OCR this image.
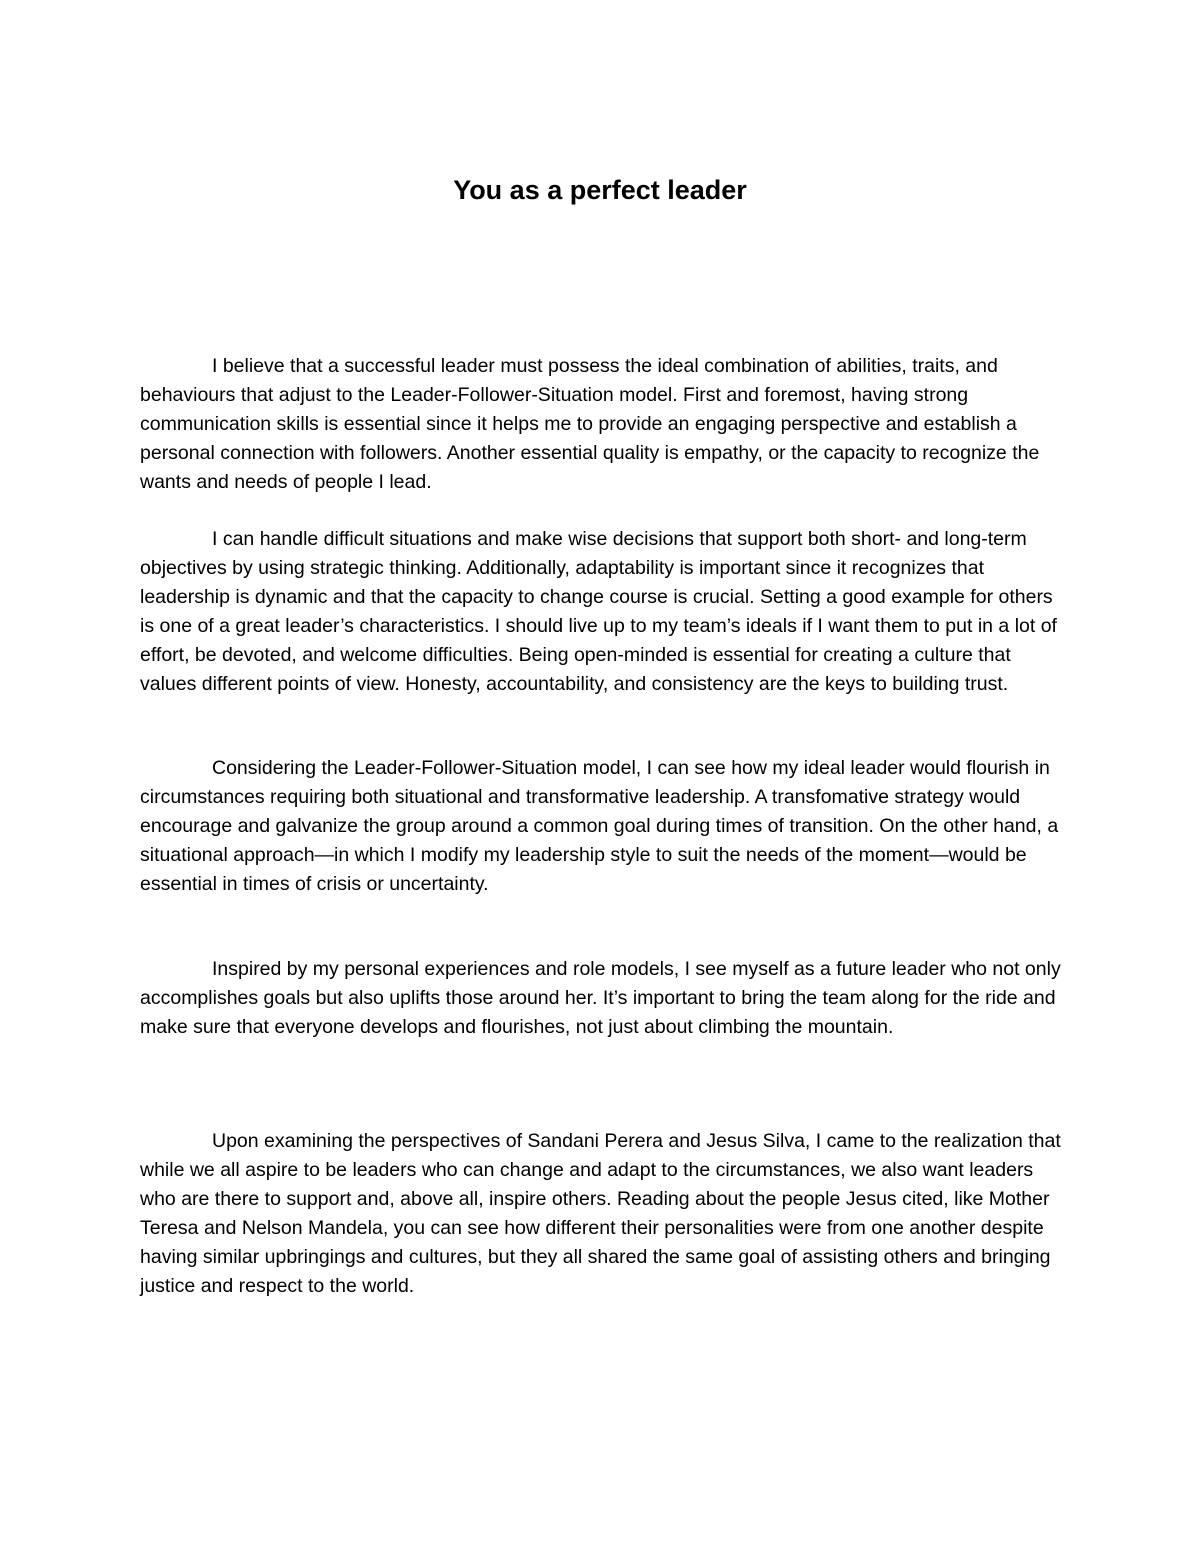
You as a perfect leader

I believe that a successful leader must possess the ideal combination of abilities, traits, and behaviours that adjust to the Leader-Follower-Situation model. First and foremost, having strong communication skills is essential since it helps me to provide an engaging perspective and establish a personal connection with followers. Another essential quality is empathy, or the capacity to recognize the wants and needs of people I lead.

I can handle difficult situations and make wise decisions that support both short- and long-term objectives by using strategic thinking. Additionally, adaptability is important since it recognizes that leadership is dynamic and that the capacity to change course is crucial. Setting a good example for others is one of a great leader’s characteristics. I should live up to my team’s ideals if I want them to put in a lot of effort, be devoted, and welcome difficulties. Being open-minded is essential for creating a culture that values different points of view. Honesty, accountability, and consistency are the keys to building trust.

Considering the Leader-Follower-Situation model, I can see how my ideal leader would flourish in circumstances requiring both situational and transformative leadership. A transfomative strategy would encourage and galvanize the group around a common goal during times of transition. On the other hand, a situational approach—in which I modify my leadership style to suit the needs of the moment—would be essential in times of crisis or uncertainty.

Inspired by my personal experiences and role models, I see myself as a future leader who not only accomplishes goals but also uplifts those around her. It’s important to bring the team along for the ride and make sure that everyone develops and flourishes, not just about climbing the mountain.

Upon examining the perspectives of Sandani Perera and Jesus Silva, I came to the realization that while we all aspire to be leaders who can change and adapt to the circumstances, we also want leaders who are there to support and, above all, inspire others. Reading about the people Jesus cited, like Mother Teresa and Nelson Mandela, you can see how different their personalities were from one another despite having similar upbringings and cultures, but they all shared the same goal of assisting others and bringing justice and respect to the world.
